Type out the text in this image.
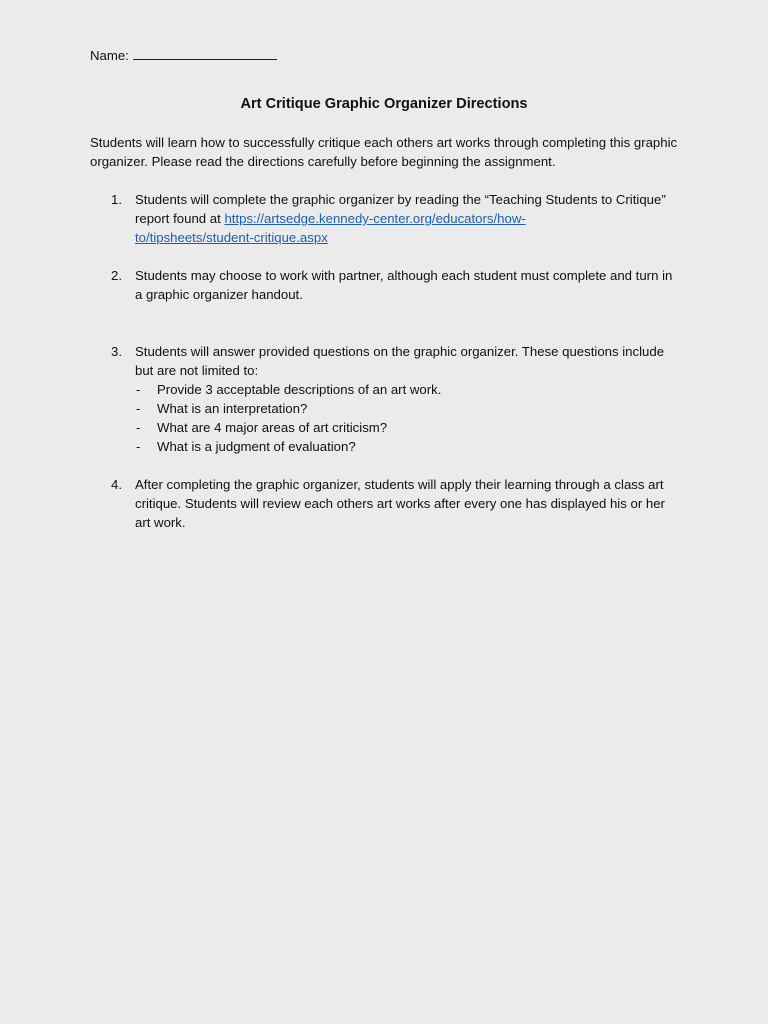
Name:

Art Critique Graphic Organizer Directions

Students will learn how to successfully critique each others art works through completing this graphic organizer. Please read the directions carefully before beginning the assignment.

1. Students will complete the graphic organizer by reading the “Teaching Students to Critique” report found at https://artsedge.kennedy-center.org/educators/how-
to/tipsheets/student-critique.aspx
2. Students may choose to work with partner, although each student must complete and turn in a graphic organizer handout.
3. Students will answer provided questions on the graphic organizer. These questions include but are not limited to:
- Provide 3 acceptable descriptions of an art work.
- What is an interpretation?
- What are 4 major areas of art criticism?
- What is a judgment of evaluation?
4. After completing the graphic organizer, students will apply their learning through a class art critique. Students will review each others art works after every one has displayed his or her art work.
